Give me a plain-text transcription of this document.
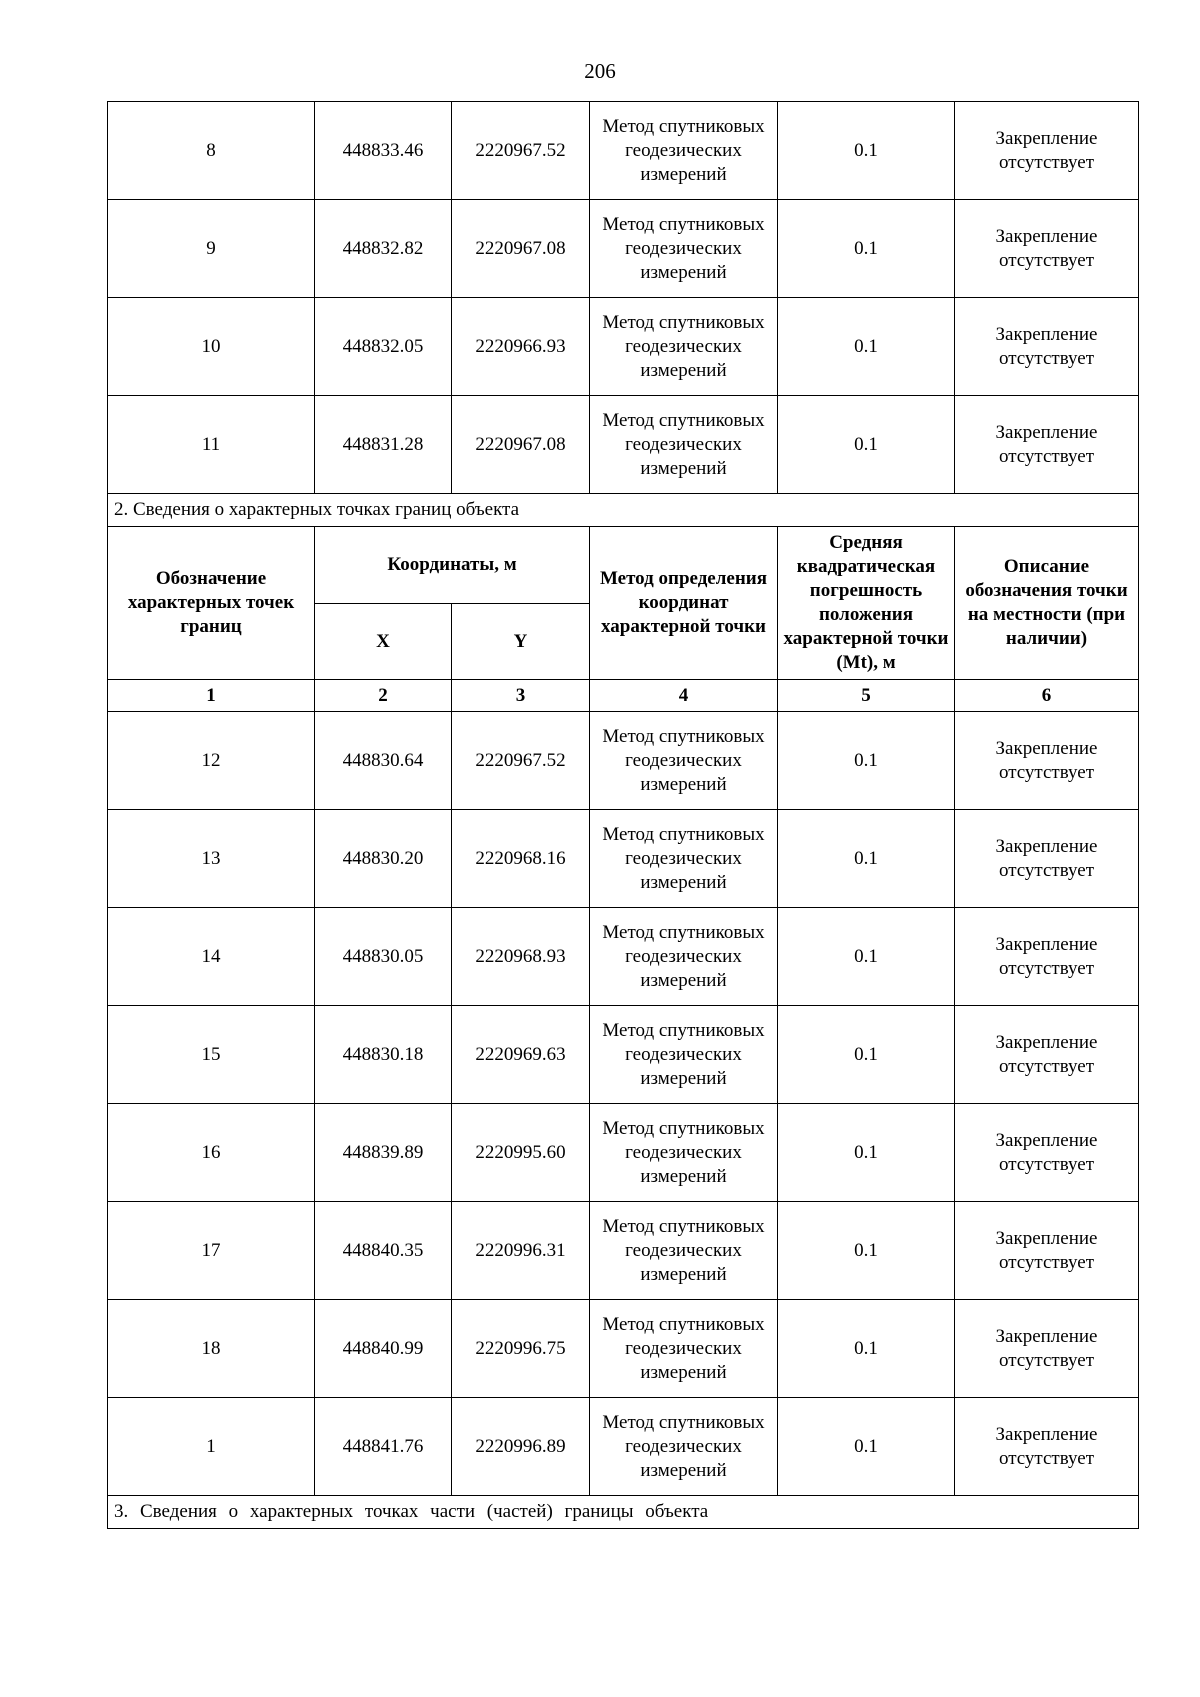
206
8	448833.46	2220967.52	Метод спутниковых геодезических измерений	0.1	Закрепление отсутствует
9	448832.82	2220967.08	Метод спутниковых геодезических измерений	0.1	Закрепление отсутствует
10	448832.05	2220966.93	Метод спутниковых геодезических измерений	0.1	Закрепление отсутствует
11	448831.28	2220967.08	Метод спутниковых геодезических измерений	0.1	Закрепление отсутствует
2. Сведения о характерных точках границ объекта					
Обозначение характерных точек границ	Координаты, м		Метод определения координат характерной точки	Средняя квадратическая погрешность положения характерной точки (Mt), м	Описание обозначения точки на местности (при наличии)
	X	Y			
1	2	3	4	5	6
12	448830.64	2220967.52	Метод спутниковых геодезических измерений	0.1	Закрепление отсутствует
13	448830.20	2220968.16	Метод спутниковых геодезических измерений	0.1	Закрепление отсутствует
14	448830.05	2220968.93	Метод спутниковых геодезических измерений	0.1	Закрепление отсутствует
15	448830.18	2220969.63	Метод спутниковых геодезических измерений	0.1	Закрепление отсутствует
16	448839.89	2220995.60	Метод спутниковых геодезических измерений	0.1	Закрепление отсутствует
17	448840.35	2220996.31	Метод спутниковых геодезических измерений	0.1	Закрепление отсутствует
18	448840.99	2220996.75	Метод спутниковых геодезических измерений	0.1	Закрепление отсутствует
1	448841.76	2220996.89	Метод спутниковых геодезических измерений	0.1	Закрепление отсутствует
3. Сведения о характерных точках части (частей) границы объекта					
